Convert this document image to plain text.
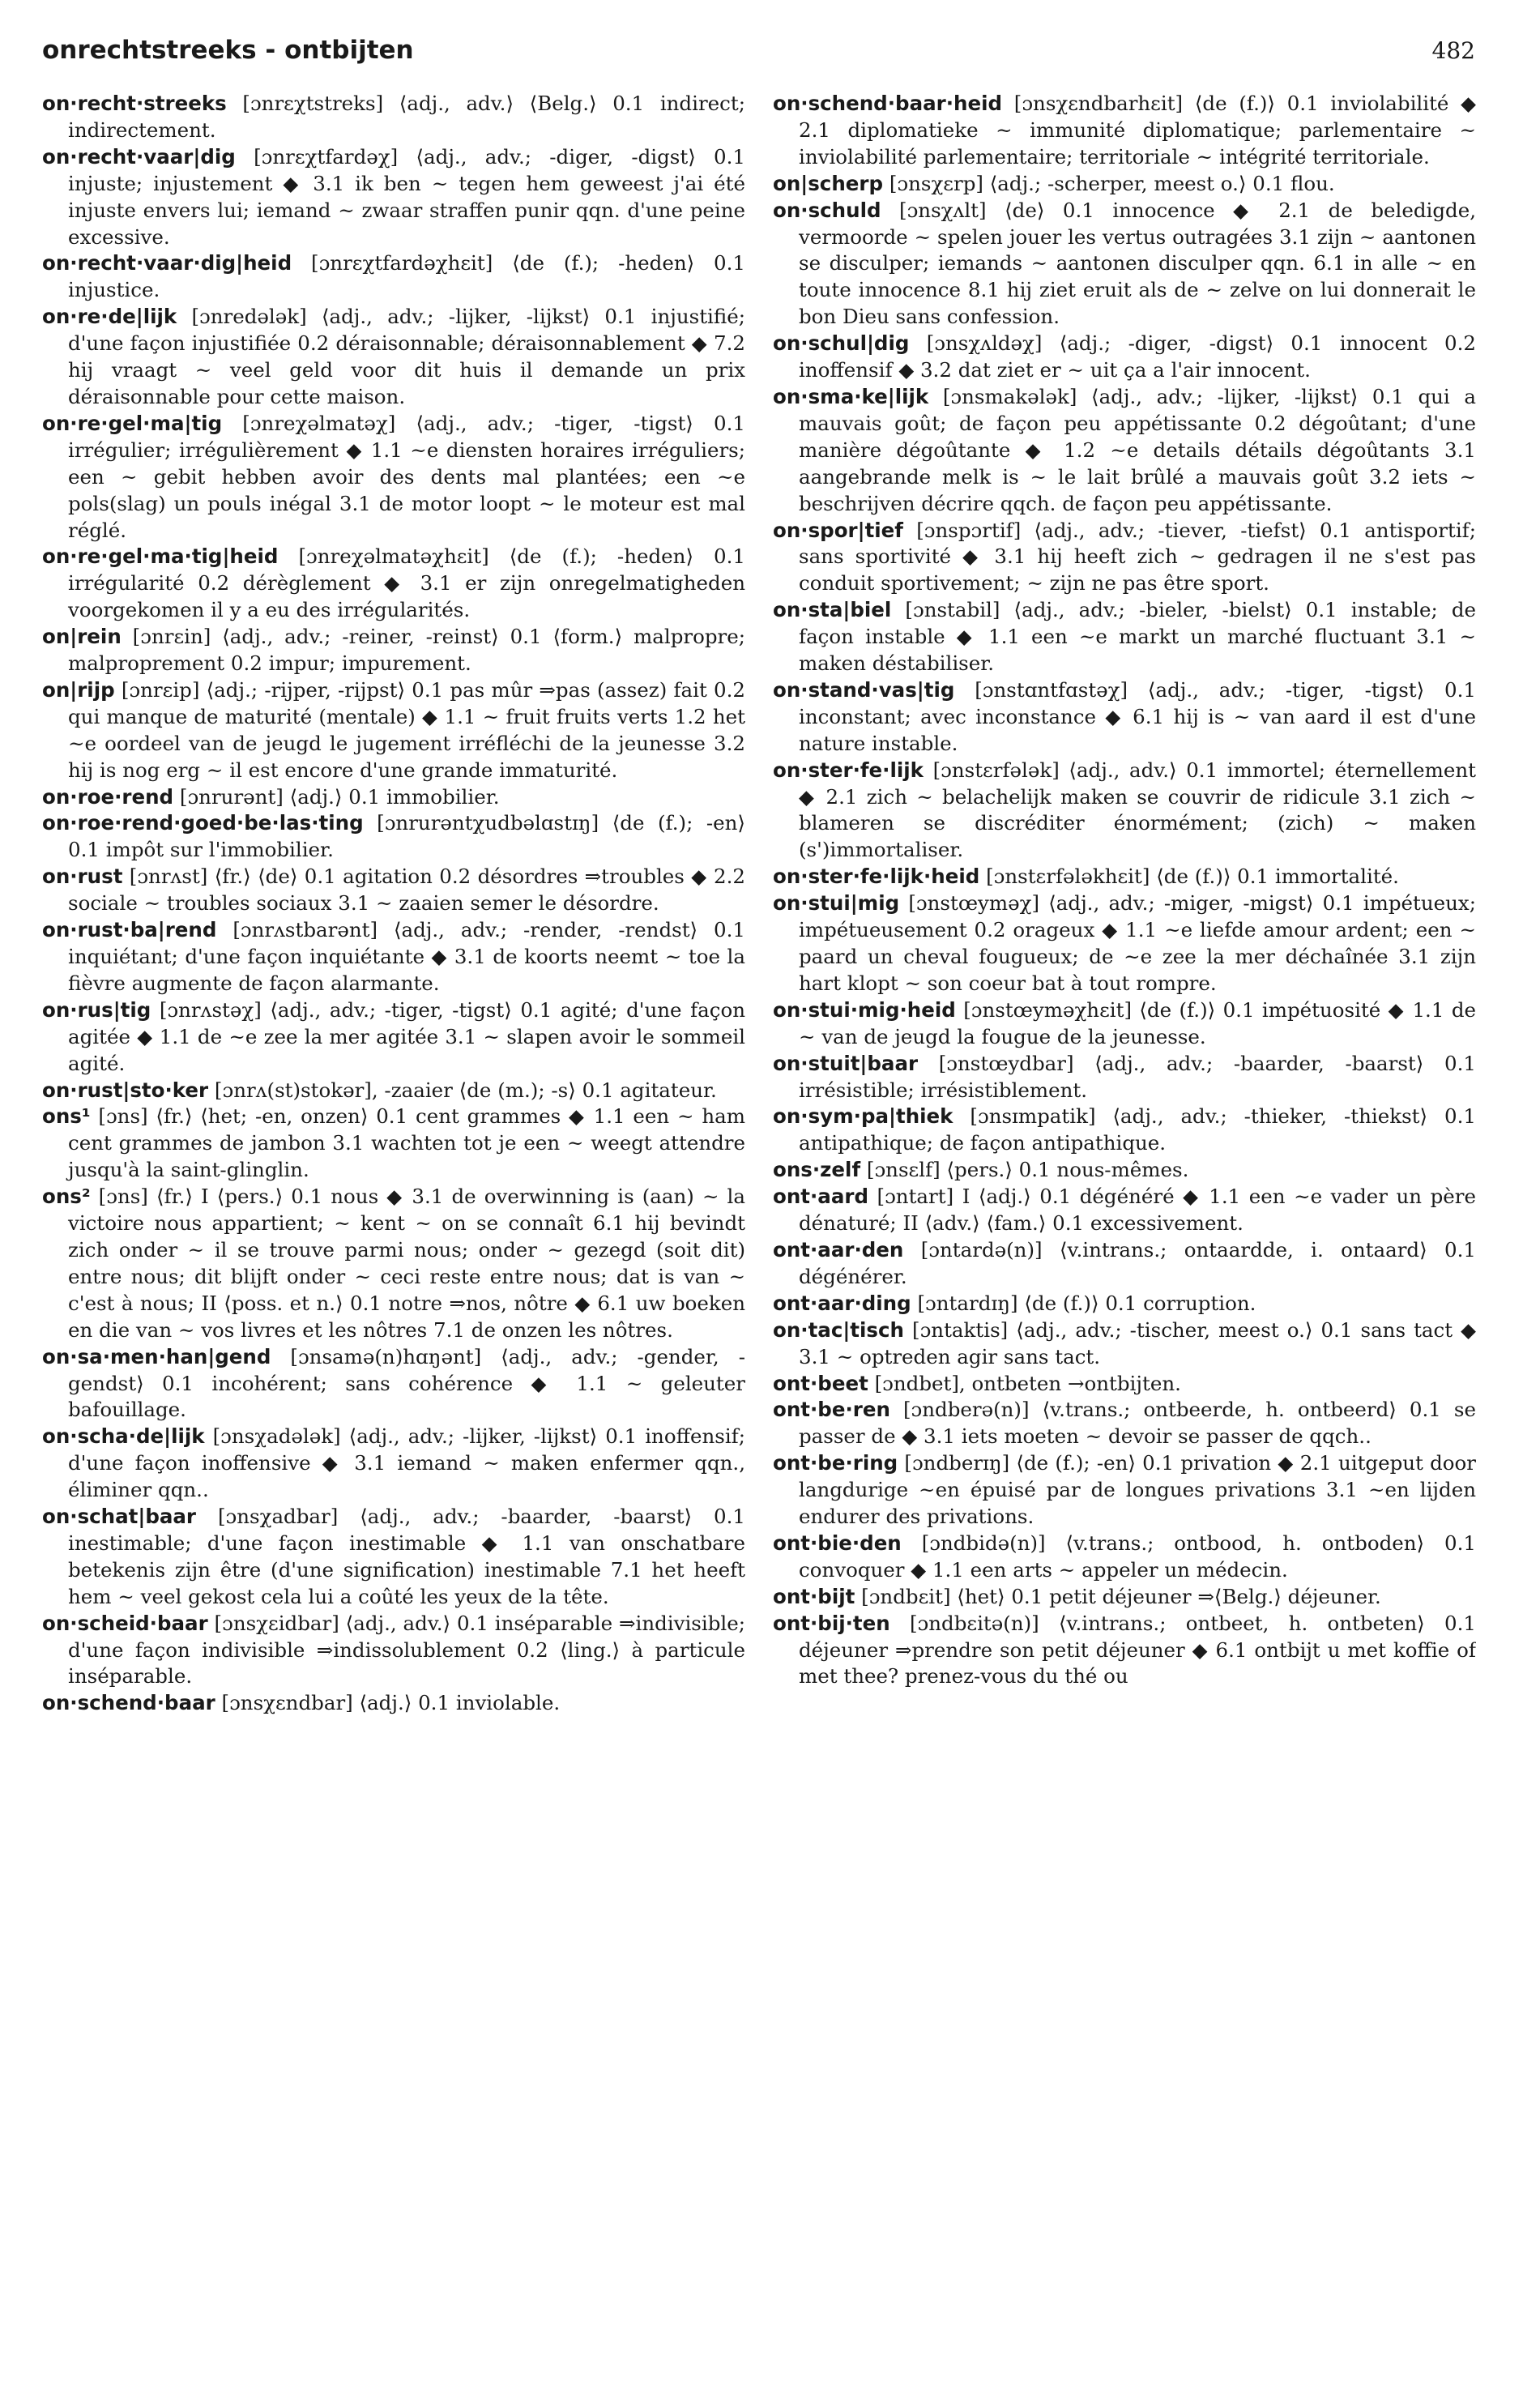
onrechtstreeks - ontbijten	482

on·recht·streeks [ɔnrɛχtstreks] ⟨adj., adv.⟩ ⟨Belg.⟩ 0.1 indirect; indirectement.

on·recht·vaar|dig [ɔnrɛχtfardəχ] ⟨adj., adv.; -diger, -digst⟩ 0.1 injuste; injustement ◆ 3.1 ik ben ~ tegen hem geweest j'ai été injuste envers lui; iemand ~ zwaar straffen punir qqn. d'une peine excessive.

on·recht·vaar·dig|heid [ɔnrɛχtfardəχhɛit] ⟨de (f.); -heden⟩ 0.1 injustice.

on·re·de|lijk [ɔnredələk] ⟨adj., adv.; -lijker, -lijkst⟩ 0.1 injustifié; d'une façon injustifiée 0.2 déraisonnable; déraisonnablement ◆ 7.2 hij vraagt ~ veel geld voor dit huis il demande un prix déraisonnable pour cette maison.

on·re·gel·ma|tig [ɔnreχəlmatəχ] ⟨adj., adv.; -tiger, -tigst⟩ 0.1 irrégulier; irrégulièrement ◆ 1.1 ~e diensten horaires irréguliers; een ~ gebit hebben avoir des dents mal plantées; een ~e pols(slag) un pouls inégal 3.1 de motor loopt ~ le moteur est mal réglé.

on·re·gel·ma·tig|heid [ɔnreχəlmatəχhɛit] ⟨de (f.); -heden⟩ 0.1 irrégularité 0.2 dérèglement ◆ 3.1 er zijn onregelmatigheden voorgekomen il y a eu des irrégularités.

on|rein [ɔnrɛin] ⟨adj., adv.; -reiner, -reinst⟩ 0.1 ⟨form.⟩ malpropre; malproprement 0.2 impur; impurement.

on|rijp [ɔnrɛip] ⟨adj.; -rijper, -rijpst⟩ 0.1 pas mûr ⇒pas (assez) fait 0.2 qui manque de maturité (mentale) ◆ 1.1 ~ fruit fruits verts 1.2 het ~e oordeel van de jeugd le jugement irréfléchi de la jeunesse 3.2 hij is nog erg ~ il est encore d'une grande immaturité.

on·roe·rend [ɔnrurənt] ⟨adj.⟩ 0.1 immobilier.

on·roe·rend·goed·be·las·ting [ɔnrurəntχudbəlɑstɪŋ] ⟨de (f.); -en⟩ 0.1 impôt sur l'immobilier.

on·rust [ɔnrʌst] ⟨fr.⟩ ⟨de⟩ 0.1 agitation 0.2 désordres ⇒troubles ◆ 2.2 sociale ~ troubles sociaux 3.1 ~ zaaien semer le désordre.

on·rust·ba|rend [ɔnrʌstbarənt] ⟨adj., adv.; -render, -rendst⟩ 0.1 inquiétant; d'une façon inquiétante ◆ 3.1 de koorts neemt ~ toe la fièvre augmente de façon alarmante.

on·rus|tig [ɔnrʌstəχ] ⟨adj., adv.; -tiger, -tigst⟩ 0.1 agité; d'une façon agitée ◆ 1.1 de ~e zee la mer agitée 3.1 ~ slapen avoir le sommeil agité.

on·rust|sto·ker [ɔnrʌ(st)stokər], -zaaier ⟨de (m.); -s⟩ 0.1 agitateur.

ons¹ [ɔns] ⟨fr.⟩ ⟨het; -en, onzen⟩ 0.1 cent grammes ◆ 1.1 een ~ ham cent grammes de jambon 3.1 wachten tot je een ~ weegt attendre jusqu'à la saint-glinglin.

ons² [ɔns] ⟨fr.⟩ I ⟨pers.⟩ 0.1 nous ◆ 3.1 de overwinning is (aan) ~ la victoire nous appartient; ~ kent ~ on se connaît 6.1 hij bevindt zich onder ~ il se trouve parmi nous; onder ~ gezegd (soit dit) entre nous; dit blijft onder ~ ceci reste entre nous; dat is van ~ c'est à nous; II ⟨poss. et n.⟩ 0.1 notre ⇒nos, nôtre ◆ 6.1 uw boeken en die van ~ vos livres et les nôtres 7.1 de onzen les nôtres.

on·sa·men·han|gend [ɔnsamə(n)hɑŋənt] ⟨adj., adv.; -gender, -gendst⟩ 0.1 incohérent; sans cohérence ◆ 1.1 ~ geleuter bafouillage.

on·scha·de|lijk [ɔnsχadələk] ⟨adj., adv.; -lijker, -lijkst⟩ 0.1 inoffensif; d'une façon inoffensive ◆ 3.1 iemand ~ maken enfermer qqn., éliminer qqn..

on·schat|baar [ɔnsχadbar] ⟨adj., adv.; -baarder, -baarst⟩ 0.1 inestimable; d'une façon inestimable ◆ 1.1 van onschatbare betekenis zijn être (d'une signification) inestimable 7.1 het heeft hem ~ veel gekost cela lui a coûté les yeux de la tête.

on·scheid·baar [ɔnsχɛidbar] ⟨adj., adv.⟩ 0.1 inséparable ⇒indivisible; d'une façon indivisible ⇒indissolublement 0.2 ⟨ling.⟩ à particule inséparable.

on·schend·baar [ɔnsχɛndbar] ⟨adj.⟩ 0.1 inviolable.

on·schend·baar·heid [ɔnsχɛndbarhɛit] ⟨de (f.)⟩ 0.1 inviolabilité ◆ 2.1 diplomatieke ~ immunité diplomatique; parlementaire ~ inviolabilité parlementaire; territoriale ~ intégrité territoriale.

on|scherp [ɔnsχɛrp] ⟨adj.; -scherper, meest o.⟩ 0.1 flou.

on·schuld [ɔnsχʌlt] ⟨de⟩ 0.1 innocence ◆ 2.1 de beledigde, vermoorde ~ spelen jouer les vertus outragées 3.1 zijn ~ aantonen se disculper; iemands ~ aantonen disculper qqn. 6.1 in alle ~ en toute innocence 8.1 hij ziet eruit als de ~ zelve on lui donnerait le bon Dieu sans confession.

on·schul|dig [ɔnsχʌldəχ] ⟨adj.; -diger, -digst⟩ 0.1 innocent 0.2 inoffensif ◆ 3.2 dat ziet er ~ uit ça a l'air innocent.

on·sma·ke|lijk [ɔnsmakələk] ⟨adj., adv.; -lijker, -lijkst⟩ 0.1 qui a mauvais goût; de façon peu appétissante 0.2 dégoûtant; d'une manière dégoûtante ◆ 1.2 ~e details détails dégoûtants 3.1 aangebrande melk is ~ le lait brûlé a mauvais goût 3.2 iets ~ beschrijven décrire qqch. de façon peu appétissante.

on·spor|tief [ɔnspɔrtif] ⟨adj., adv.; -tiever, -tiefst⟩ 0.1 antisportif; sans sportivité ◆ 3.1 hij heeft zich ~ gedragen il ne s'est pas conduit sportivement; ~ zijn ne pas être sport.

on·sta|biel [ɔnstabil] ⟨adj., adv.; -bieler, -bielst⟩ 0.1 instable; de façon instable ◆ 1.1 een ~e markt un marché fluctuant 3.1 ~ maken déstabiliser.

on·stand·vas|tig [ɔnstɑntfɑstəχ] ⟨adj., adv.; -tiger, -tigst⟩ 0.1 inconstant; avec inconstance ◆ 6.1 hij is ~ van aard il est d'une nature instable.

on·ster·fe·lijk [ɔnstɛrfələk] ⟨adj., adv.⟩ 0.1 immortel; éternellement ◆ 2.1 zich ~ belachelijk maken se couvrir de ridicule 3.1 zich ~ blameren se discréditer énormément; (zich) ~ maken (s')immortaliser.

on·ster·fe·lijk·heid [ɔnstɛrfələkhɛit] ⟨de (f.)⟩ 0.1 immortalité.

on·stui|mig [ɔnstœyməχ] ⟨adj., adv.; -miger, -migst⟩ 0.1 impétueux; impétueusement 0.2 orageux ◆ 1.1 ~e liefde amour ardent; een ~ paard un cheval fougueux; de ~e zee la mer déchaînée 3.1 zijn hart klopt ~ son coeur bat à tout rompre.

on·stui·mig·heid [ɔnstœyməχhɛit] ⟨de (f.)⟩ 0.1 impétuosité ◆ 1.1 de ~ van de jeugd la fougue de la jeunesse.

on·stuit|baar [ɔnstœydbar] ⟨adj., adv.; -baarder, -baarst⟩ 0.1 irrésistible; irrésistiblement.

on·sym·pa|thiek [ɔnsɪmpatik] ⟨adj., adv.; -thieker, -thiekst⟩ 0.1 antipathique; de façon antipathique.

ons·zelf [ɔnsɛlf] ⟨pers.⟩ 0.1 nous-mêmes.

ont·aard [ɔntart] I ⟨adj.⟩ 0.1 dégénéré ◆ 1.1 een ~e vader un père dénaturé; II ⟨adv.⟩ ⟨fam.⟩ 0.1 excessivement.

ont·aar·den [ɔntardə(n)] ⟨v.intrans.; ontaardde, i. ontaard⟩ 0.1 dégénérer.

ont·aar·ding [ɔntardɪŋ] ⟨de (f.)⟩ 0.1 corruption.

on·tac|tisch [ɔntaktis] ⟨adj., adv.; -tischer, meest o.⟩ 0.1 sans tact ◆ 3.1 ~ optreden agir sans tact.

ont·beet [ɔndbet], ontbeten →ontbijten.

ont·be·ren [ɔndberə(n)] ⟨v.trans.; ontbeerde, h. ontbeerd⟩ 0.1 se passer de ◆ 3.1 iets moeten ~ devoir se passer de qqch..

ont·be·ring [ɔndberɪŋ] ⟨de (f.); -en⟩ 0.1 privation ◆ 2.1 uitgeput door langdurige ~en épuisé par de longues privations 3.1 ~en lijden endurer des privations.

ont·bie·den [ɔndbidə(n)] ⟨v.trans.; ontbood, h. ontboden⟩ 0.1 convoquer ◆ 1.1 een arts ~ appeler un médecin.

ont·bijt [ɔndbɛit] ⟨het⟩ 0.1 petit déjeuner ⇒⟨Belg.⟩ déjeuner.

ont·bij·ten [ɔndbɛitə(n)] ⟨v.intrans.; ontbeet, h. ontbeten⟩ 0.1 déjeuner ⇒prendre son petit déjeuner ◆ 6.1 ontbijt u met koffie of met thee? prenez-vous du thé ou
